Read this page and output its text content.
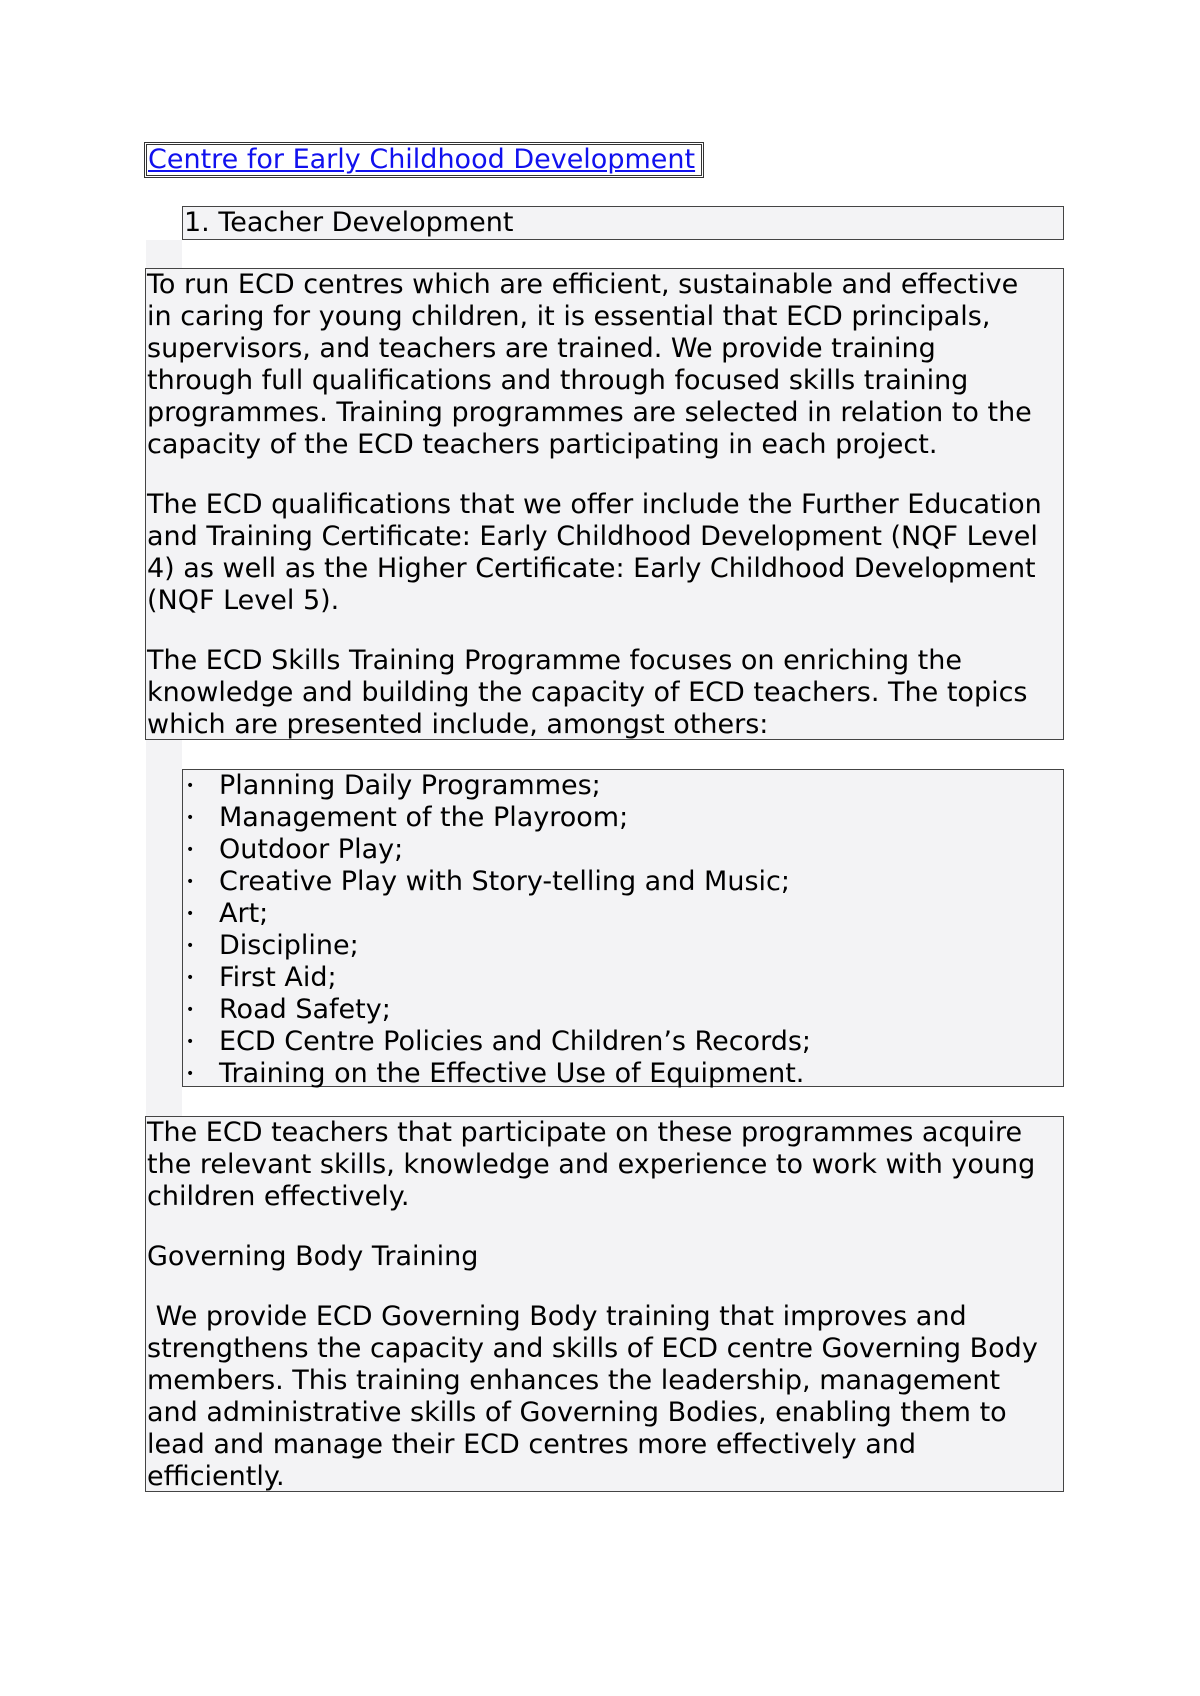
Centre for Early Childhood Development

1. Teacher Development

To run ECD centres which are efficient, sustainable and effective

in caring for young children, it is essential that ECD principals,

supervisors, and teachers are trained. We provide training

through full qualifications and through focused skills training

programmes. Training programmes are selected in relation to the

capacity of the ECD teachers participating in each project.

The ECD qualifications that we offer include the Further Education

and Training Certificate: Early Childhood Development (NQF Level

4) as well as the Higher Certificate: Early Childhood Development

(NQF Level 5).

The ECD Skills Training Programme focuses on enriching the

knowledge and building the capacity of ECD teachers. The topics

which are presented include, amongst others:

• Planning Daily Programmes;
• Management of the Playroom;
• Outdoor Play;
• Creative Play with Story-telling and Music;
• Art;
• Discipline;
• First Aid;
• Road Safety;
• ECD Centre Policies and Children’s Records;
• Training on the Effective Use of Equipment.

The ECD teachers that participate on these programmes acquire

the relevant skills, knowledge and experience to work with young

children effectively.

Governing Body Training

We provide ECD Governing Body training that improves and

strengthens the capacity and skills of ECD centre Governing Body

members. This training enhances the leadership, management

and administrative skills of Governing Bodies, enabling them to

lead and manage their ECD centres more effectively and

efficiently.
